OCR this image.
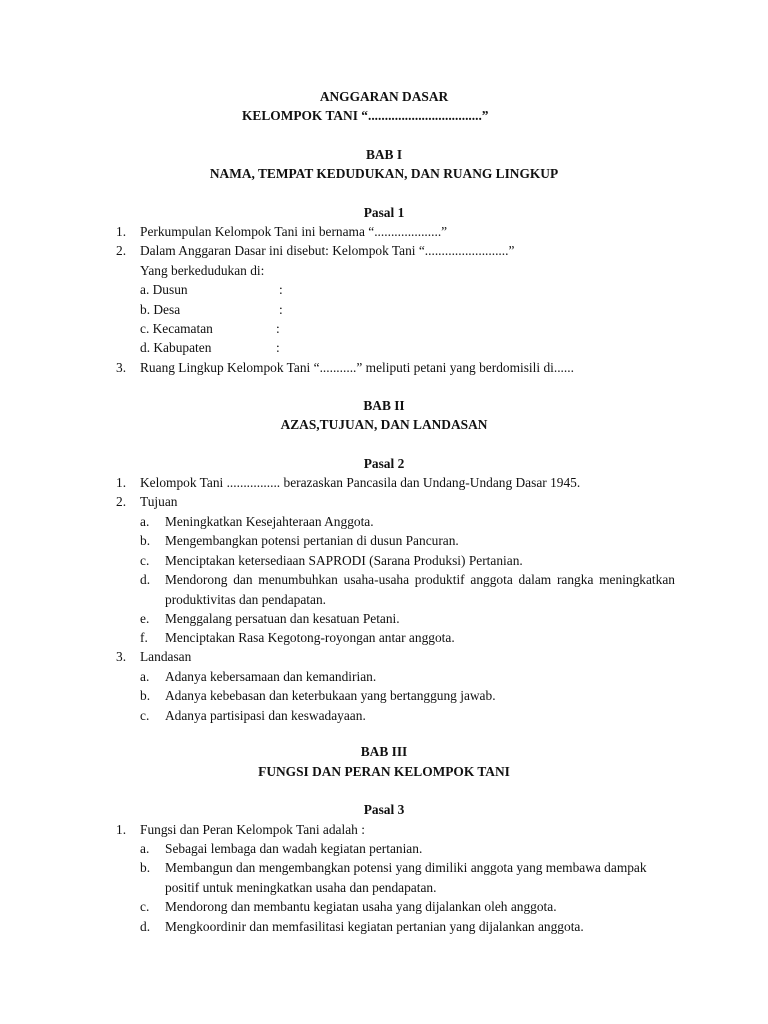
ANGGARAN DASAR
KELOMPOK TANI “..................................”
BAB I
NAMA, TEMPAT KEDUDUKAN, DAN RUANG LINGKUP
Pasal 1
1. Perkumpulan Kelompok Tani ini bernama “....................”
2. Dalam Anggaran Dasar ini disebut: Kelompok Tani “.........................”
Yang berkedudukan di:
a. Dusun	:
b. Desa	:
c. Kecamatan	:
d. Kabupaten	:
3. Ruang Lingkup Kelompok Tani “...........” meliputi petani yang berdomisili di......
BAB II
AZAS,TUJUAN, DAN LANDASAN
Pasal 2
1. Kelompok Tani ................ berazaskan Pancasila dan Undang-Undang Dasar 1945.
2. Tujuan
a. Meningkatkan Kesejahteraan Anggota.
b. Mengembangkan potensi pertanian di dusun Pancuran.
c. Menciptakan ketersediaan SAPRODI (Sarana Produksi) Pertanian.
d. Mendorong dan menumbuhkan usaha-usaha produktif anggota dalam rangka meningkatkan produktivitas dan pendapatan.
e. Menggalang persatuan dan kesatuan Petani.
f. Menciptakan Rasa Kegotong-royongan antar anggota.
3. Landasan
a. Adanya kebersamaan dan kemandirian.
b. Adanya kebebasan dan keterbukaan yang bertanggung jawab.
c. Adanya partisipasi dan keswadayaan.
BAB III
FUNGSI DAN PERAN KELOMPOK TANI
Pasal 3
1. Fungsi dan Peran Kelompok Tani adalah :
a. Sebagai lembaga dan wadah kegiatan pertanian.
b. Membangun dan mengembangkan potensi yang dimiliki anggota yang membawa dampak positif untuk meningkatkan usaha dan pendapatan.
c. Mendorong dan membantu kegiatan usaha yang dijalankan oleh anggota.
d. Mengkoordinir dan memfasilitasi kegiatan pertanian yang dijalankan anggota.
